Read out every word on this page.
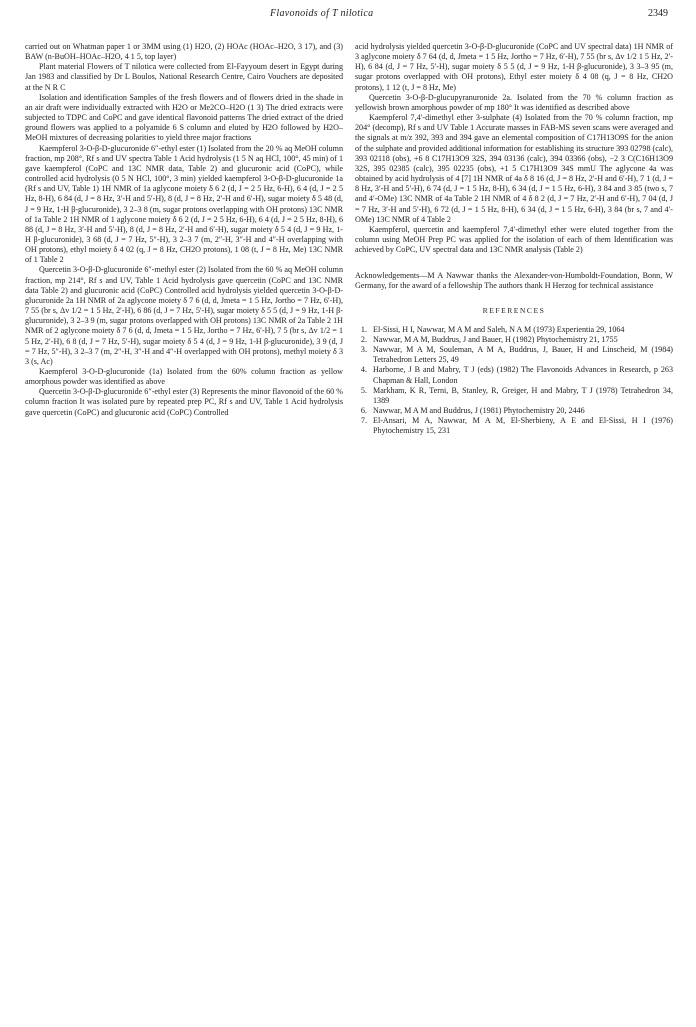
Flavonoids of T nilotica	2349

carried out on Whatman paper 1 or 3MM using (1) H2O, (2) HOAc (HOAc–H2O, 3 17), and (3) BAW (n-BuOH–HOAc–H2O, 4 1 5, top layer)

Plant material Flowers of T niloticа were collected from El-Fayyoum desert in Egypt during Jan 1983 and classified by Dr L Boulos, National Research Centre, Cairo Vouchers are deposited at the N R C

Isolation and identification Samples of the fresh flowers and of flowers dried in the shade in an air draft were individually extracted with H2O or Me2CO–H2O (1 3) The dried extracts were subjected to TDPC and CoPC and gave identical flavonoid patterns The dried extract of the dried ground flowers was applied to a polyamide 6 S column and eluted by H2O followed by H2O–MeOH mixtures of decreasing polarities to yield three major fractions

Kaempferol 3-O-β-D-glucuronide 6″-ethyl ester (1) Isolated from the 20 % aq MeOH column fraction, mp 208°, Rf s and UV spectra Table 1 Acid hydrolysis (1 5 N aq HCl, 100°, 45 min) of 1 gave kaempferol (CoPC and 13C NMR data, Table 2) and glucuronic acid (CoPC), while controlled acid hydrolysis (0 5 N HCl, 100°, 3 min) yielded kaempferol 3-O-β-D-glucuronide 1a (Rf s and UV, Table 1) 1H NMR of 1a aglycone moiety δ 6 2 (d, J = 2 5 Hz, 6-H), 6 4 (d, J = 2 5 Hz, 8-H), 6 84 (d, J = 8 Hz, 3′-H and 5′-H), 8 (d, J = 8 Hz, 2′-H and 6′-H), sugar moiety δ 5 48 (d, J = 9 Hz, 1-H β-glucuronide), 3 2–3 8 (m, sugar protons overlapping with OH protons) 13C NMR of 1a Table 2 1H NMR of 1 aglycone moiety δ 6 2 (d, J = 2 5 Hz, 6-H), 6 4 (d, J = 2 5 Hz, 8-H), 6 88 (d, J = 8 Hz, 3′-H and 5′-H), 8 (d, J = 8 Hz, 2′-H and 6′-H), sugar moiety δ 5 4 (d, J = 9 Hz, 1-H β-glucuronide), 3 68 (d, J = 7 Hz, 5″-H), 3 2–3 7 (m, 2″-H, 3″-H and 4″-H overlapping with OH protons), ethyl moiety δ 4 02 (q, J = 8 Hz, CH2O protons), 1 08 (t, J = 8 Hz, Me) 13C NMR of 1 Table 2

Quercetin 3-O-β-D-glucuronide 6″-methyl ester (2) Isolated from the 60 % aq MeOH column fraction, mp 214°, Rf s and UV, Table 1 Acid hydrolysis gave quercetin (CoPC and 13C NMR data Table 2) and glucuronic acid (CoPC) Controlled acid hydrolysis yielded quercetin 3-O-β-D-glucuronide 2a 1H NMR of 2a aglycone moiety δ 7 6 (d, d, Jmeta = 1 5 Hz, Jortho = 7 Hz, 6′-H), 7 55 (br s, Δv 1/2 = 1 5 Hz, 2′-H), 6 86 (d, J = 7 Hz, 5′-H), sugar moiety δ 5 5 (d, J = 9 Hz, 1-H β-glucuronide), 3 2–3 9 (m, sugar protons overlapped with OH protons) 13C NMR of 2a Table 2 1H NMR of 2 aglycone moiety δ 7 6 (d, d, Jmeta = 1 5 Hz, Jortho = 7 Hz, 6′-H), 7 5 (br s, Δv 1/2 = 1 5 Hz, 2′-H), 6 8 (d, J = 7 Hz, 5′-H), sugar moiety δ 5 4 (d, J = 9 Hz, 1-H β-glucuronide), 3 9 (d, J = 7 Hz, 5″-H), 3 2–3 7 (m, 2″-H, 3″-H and 4″-H overlapped with OH protons), methyl moiety δ 3 3 (s, Ac)

Kaempferol 3-O-D-glucuronide (1a) Isolated from the 60% column fraction as yellow amorphous powder was identified as above

Quercetin 3-O-β-D-glucuronide 6″-ethyl ester (3) Represents the minor flavonoid of the 60 % column fraction It was isolated pure by repeated prep PC, Rf s and UV, Table 1 Acid hydrolysis gave quercetin (CoPC) and glucuronic acid (CoPC) Controlled

acid hydrolysis yielded quercetin 3-O-β-D-glucuronide (CoPC and UV spectral data) 1H NMR of 3 aglycone moiety δ 7 64 (d, d, Jmeta = 1 5 Hz, Jortho = 7 Hz, 6′-H), 7 55 (br s, Δv 1/2 1 5 Hz, 2′-H), 6 84 (d, J = 7 Hz, 5′-H), sugar moiety δ 5 5 (d, J = 9 Hz, 1-H β-glucuronide), 3 3–3 95 (m, sugar protons overlapped with OH protons), Ethyl ester moiety δ 4 08 (q, J = 8 Hz, CH2O protons), 1 12 (t, J = 8 Hz, Me)

Quercetin 3-O-β-D-glucupyranuronide 2a. Isolated from the 70 % column fraction as yellowish brown amorphous powder of mp 180° It was identified as described above

Kaempferol 7,4′-dimethyl ether 3-sulphate (4) Isolated from the 70 % column fraction, mp 204° (decomp), Rf s and UV Table 1 Accurate masses in FAB-MS seven scans were averaged and the signals at m/z 392, 393 and 394 gave an elemental composition of C17H13O9S for the anion of the sulphate and provided additional information for establishing its structure 393 02798 (calc), 393 02118 (obs), +6 8 C17H13O9 32S, 394 03136 (calc), 394 03366 (obs), −2 3 C(C16H13O9 32S, 395 02385 (calc), 395 02235 (obs), +1 5 C17H13O9 34S mmU The aglycone 4a was obtained by acid hydrolysis of 4 [7] 1H NMR of 4a δ 8 16 (d, J = 8 Hz, 2′-H and 6′-H), 7 1 (d, J = 8 Hz, 3′-H and 5′-H), 6 74 (d, J = 1 5 Hz, 8-H), 6 34 (d, J = 1 5 Hz, 6-H), 3 84 and 3 85 (two s, 7 and 4′-OMe) 13C NMR of 4a Table 2 1H NMR of 4 δ 8 2 (d, J = 7 Hz, 2′-H and 6′-H), 7 04 (d, J = 7 Hz, 3′-H and 5′-H), 6 72 (d, J = 1 5 Hz, 8-H), 6 34 (d, J = 1 5 Hz, 6-H), 3 84 (br s, 7 and 4′-OMe) 13C NMR of 4 Table 2

Kaempferol, quercetin and kaempferol 7,4′-dimethyl ether were eluted together from the column using MeOH Prep PC was applied for the isolation of each of them Identification was achieved by CoPC, UV spectral data and 13C NMR analysis (Table 2)

Acknowledgements—M A Nawwar thanks the Alexander-von-Humboldt-Foundation, Bonn, W Germany, for the award of a fellowship The authors thank H Herzog for technical assistance

REFERENCES
1. El-Sissi, H I, Nawwar, M A M and Saleh, N A M (1973) Experientia 29, 1064
2. Nawwar, M A M, Buddrus, J and Bauer, H (1982) Phytochemistry 21, 1755
3. Nawwar, M A M, Souleman, A M A, Buddrus, J, Bauer, H and Linscheid, M (1984) Tetrahedron Letters 25, 49
4. Harborne, J B and Mabry, T J (eds) (1982) The Flavonoids Advances in Research, p 263 Chapman & Hall, London
5. Markham, K R, Terni, B, Stanley, R, Greiger, H and Mabry, T J (1978) Tetrahedron 34, 1389
6. Nawwar, M A M and Buddrus, J (1981) Phytochemistry 20, 2446
7. El-Ansari, M A, Nawwar, M A M, El-Sherbieny, A E and El-Sissi, H I (1976) Phytochemistry 15, 231
